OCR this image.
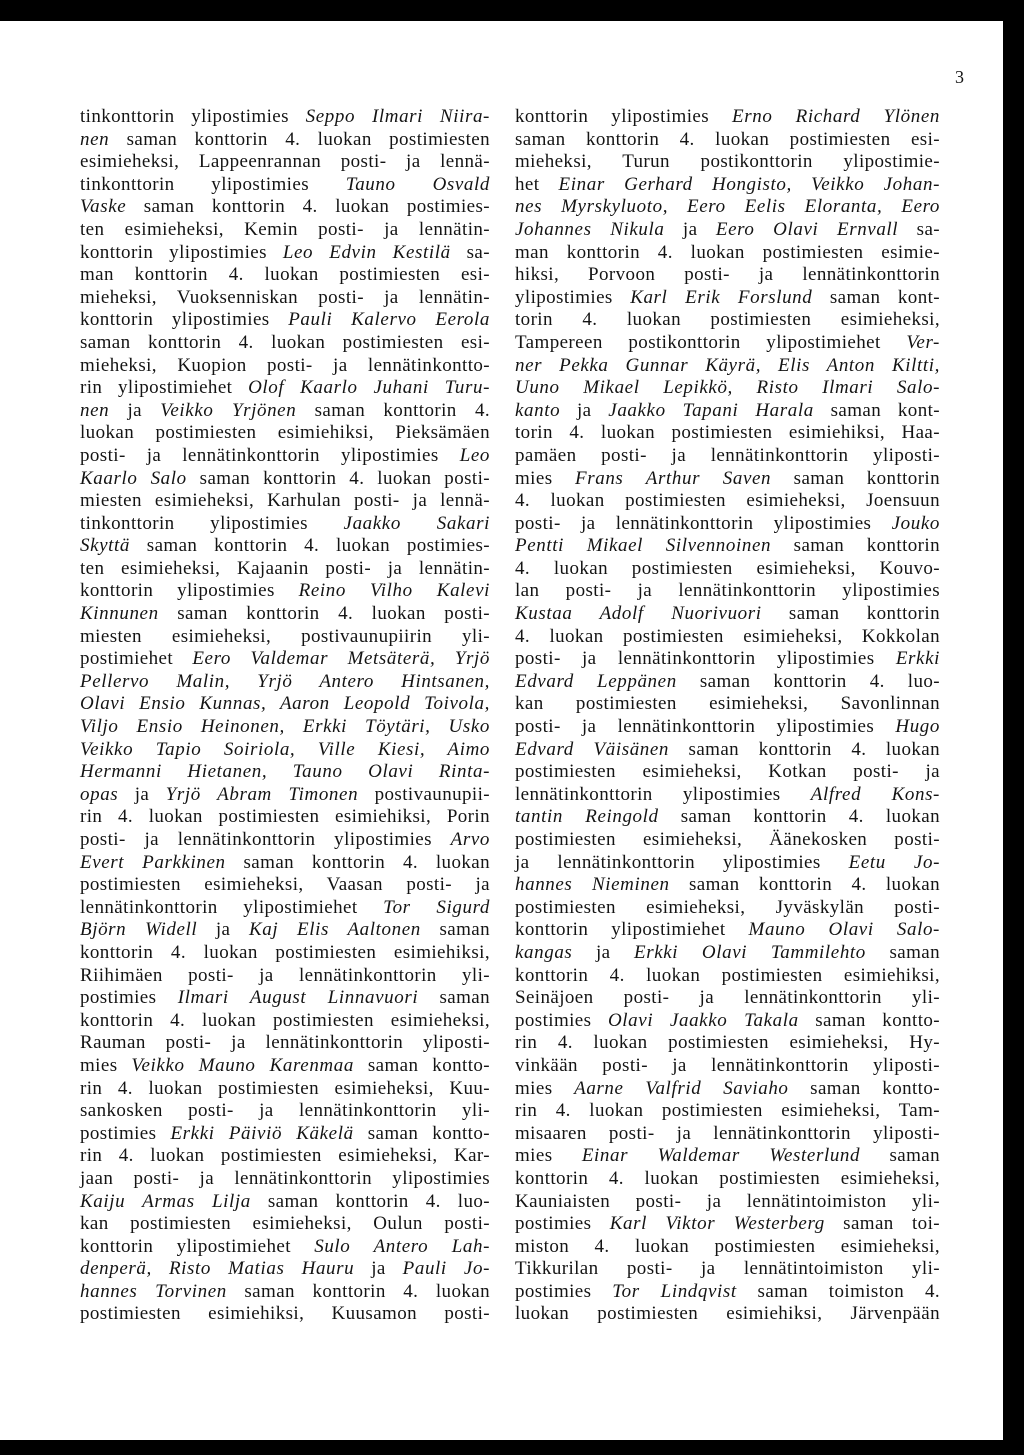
3
tinkonttorin ylipostimies Seppo Ilmari Niira-
nen saman konttorin 4. luokan postimiesten
esimieheksi, Lappeenrannan posti- ja lennä-
tinkonttorin ylipostimies Tauno Osvald
Vaske saman konttorin 4. luokan postimies-
ten esimieheksi, Kemin posti- ja lennätin-
konttorin ylipostimies Leo Edvin Kestilä sa-
man konttorin 4. luokan postimiesten esi-
mieheksi, Vuoksenniskan posti- ja lennätin-
konttorin ylipostimies Pauli Kalervo Eerola
saman konttorin 4. luokan postimiesten esi-
mieheksi, Kuopion posti- ja lennätinkontto-
rin ylipostimiehet Olof Kaarlo Juhani Turu-
nen ja Veikko Yrjönen saman konttorin 4.
luokan postimiesten esimiehiksi, Pieksämäen
posti- ja lennätinkonttorin ylipostimies Leo
Kaarlo Salo saman konttorin 4. luokan posti-
miesten esimieheksi, Karhulan posti- ja lennä-
tinkonttorin ylipostimies Jaakko Sakari
Skyttä saman konttorin 4. luokan postimies-
ten esimieheksi, Kajaanin posti- ja lennätin-
konttorin ylipostimies Reino Vilho Kalevi
Kinnunen saman konttorin 4. luokan posti-
miesten esimieheksi, postivaunupiirin yli-
postimiehet Eero Valdemar Metsäterä, Yrjö
Pellervo Malin, Yrjö Antero Hintsanen,
Olavi Ensio Kunnas, Aaron Leopold Toivola,
Viljo Ensio Heinonen, Erkki Töytäri, Usko
Veikko Tapio Soiriola, Ville Kiesi, Aimo
Hermanni Hietanen, Tauno Olavi Rinta-
opas ja Yrjö Abram Timonen postivaunupii-
rin 4. luokan postimiesten esimiehiksi, Porin
posti- ja lennätinkonttorin ylipostimies Arvo
Evert Parkkinen saman konttorin 4. luokan
postimiesten esimieheksi, Vaasan posti- ja
lennätinkonttorin ylipostimiehet Tor Sigurd
Björn Widell ja Kaj Elis Aaltonen saman
konttorin 4. luokan postimiesten esimiehiksi,
Riihimäen posti- ja lennätinkonttorin yli-
postimies Ilmari August Linnavuori saman
konttorin 4. luokan postimiesten esimieheksi,
Rauman posti- ja lennätinkonttorin yliposti-
mies Veikko Mauno Karenmaa saman kontto-
rin 4. luokan postimiesten esimieheksi, Kuu-
sankosken posti- ja lennätinkonttorin yli-
postimies Erkki Päiviö Käkelä saman kontto-
rin 4. luokan postimiesten esimieheksi, Kar-
jaan posti- ja lennätinkonttorin ylipostimies
Kaiju Armas Lilja saman konttorin 4. luo-
kan postimiesten esimieheksi, Oulun posti-
konttorin ylipostimiehet Sulo Antero Lah-
denperä, Risto Matias Hauru ja Pauli Jo-
hannes Torvinen saman konttorin 4. luokan
postimiesten esimiehiksi, Kuusamon posti-
konttorin ylipostimies Erno Richard Ylönen
saman konttorin 4. luokan postimiesten esi-
mieheksi, Turun postikonttorin ylipostimie-
het Einar Gerhard Hongisto, Veikko Johan-
nes Myrskyluoto, Eero Eelis Eloranta, Eero
Johannes Nikula ja Eero Olavi Ernvall sa-
man konttorin 4. luokan postimiesten esimie-
hiksi, Porvoon posti- ja lennätinkonttorin
ylipostimies Karl Erik Forslund saman kont-
torin 4. luokan postimiesten esimieheksi,
Tampereen postikonttorin ylipostimiehet Ver-
ner Pekka Gunnar Käyrä, Elis Anton Kiltti,
Uuno Mikael Lepikkö, Risto Ilmari Salo-
kanto ja Jaakko Tapani Harala saman kont-
torin 4. luokan postimiesten esimiehiksi, Haa-
pamäen posti- ja lennätinkonttorin yliposti-
mies Frans Arthur Saven saman konttorin
4. luokan postimiesten esimieheksi, Joensuun
posti- ja lennätinkonttorin ylipostimies Jouko
Pentti Mikael Silvennoinen saman konttorin
4. luokan postimiesten esimieheksi, Kouvo-
lan posti- ja lennätinkonttorin ylipostimies
Kustaa Adolf Nuorivuori saman konttorin
4. luokan postimiesten esimieheksi, Kokkolan
posti- ja lennätinkonttorin ylipostimies Erkki
Edvard Leppänen saman konttorin 4. luo-
kan postimiesten esimieheksi, Savonlinnan
posti- ja lennätinkonttorin ylipostimies Hugo
Edvard Väisänen saman konttorin 4. luokan
postimiesten esimieheksi, Kotkan posti- ja
lennätinkonttorin ylipostimies Alfred Kons-
tantin Reingold saman konttorin 4. luokan
postimiesten esimieheksi, Äänekosken posti-
ja lennätinkonttorin ylipostimies Eetu Jo-
hannes Nieminen saman konttorin 4. luokan
postimiesten esimieheksi, Jyväskylän posti-
konttorin ylipostimiehet Mauno Olavi Salo-
kangas ja Erkki Olavi Tammilehto saman
konttorin 4. luokan postimiesten esimiehiksi,
Seinäjoen posti- ja lennätinkonttorin yli-
postimies Olavi Jaakko Takala saman kontto-
rin 4. luokan postimiesten esimieheksi, Hy-
vinkään posti- ja lennätinkonttorin yliposti-
mies Aarne Valfrid Saviaho saman kontto-
rin 4. luokan postimiesten esimieheksi, Tam-
misaaren posti- ja lennätinkonttorin yliposti-
mies Einar Waldemar Westerlund saman
konttorin 4. luokan postimiesten esimieheksi,
Kauniaisten posti- ja lennätintoimiston yli-
postimies Karl Viktor Westerberg saman toi-
miston 4. luokan postimiesten esimieheksi,
Tikkurilan posti- ja lennätintoimiston yli-
postimies Tor Lindqvist saman toimiston 4.
luokan postimiesten esimiehiksi, Järvenpään
